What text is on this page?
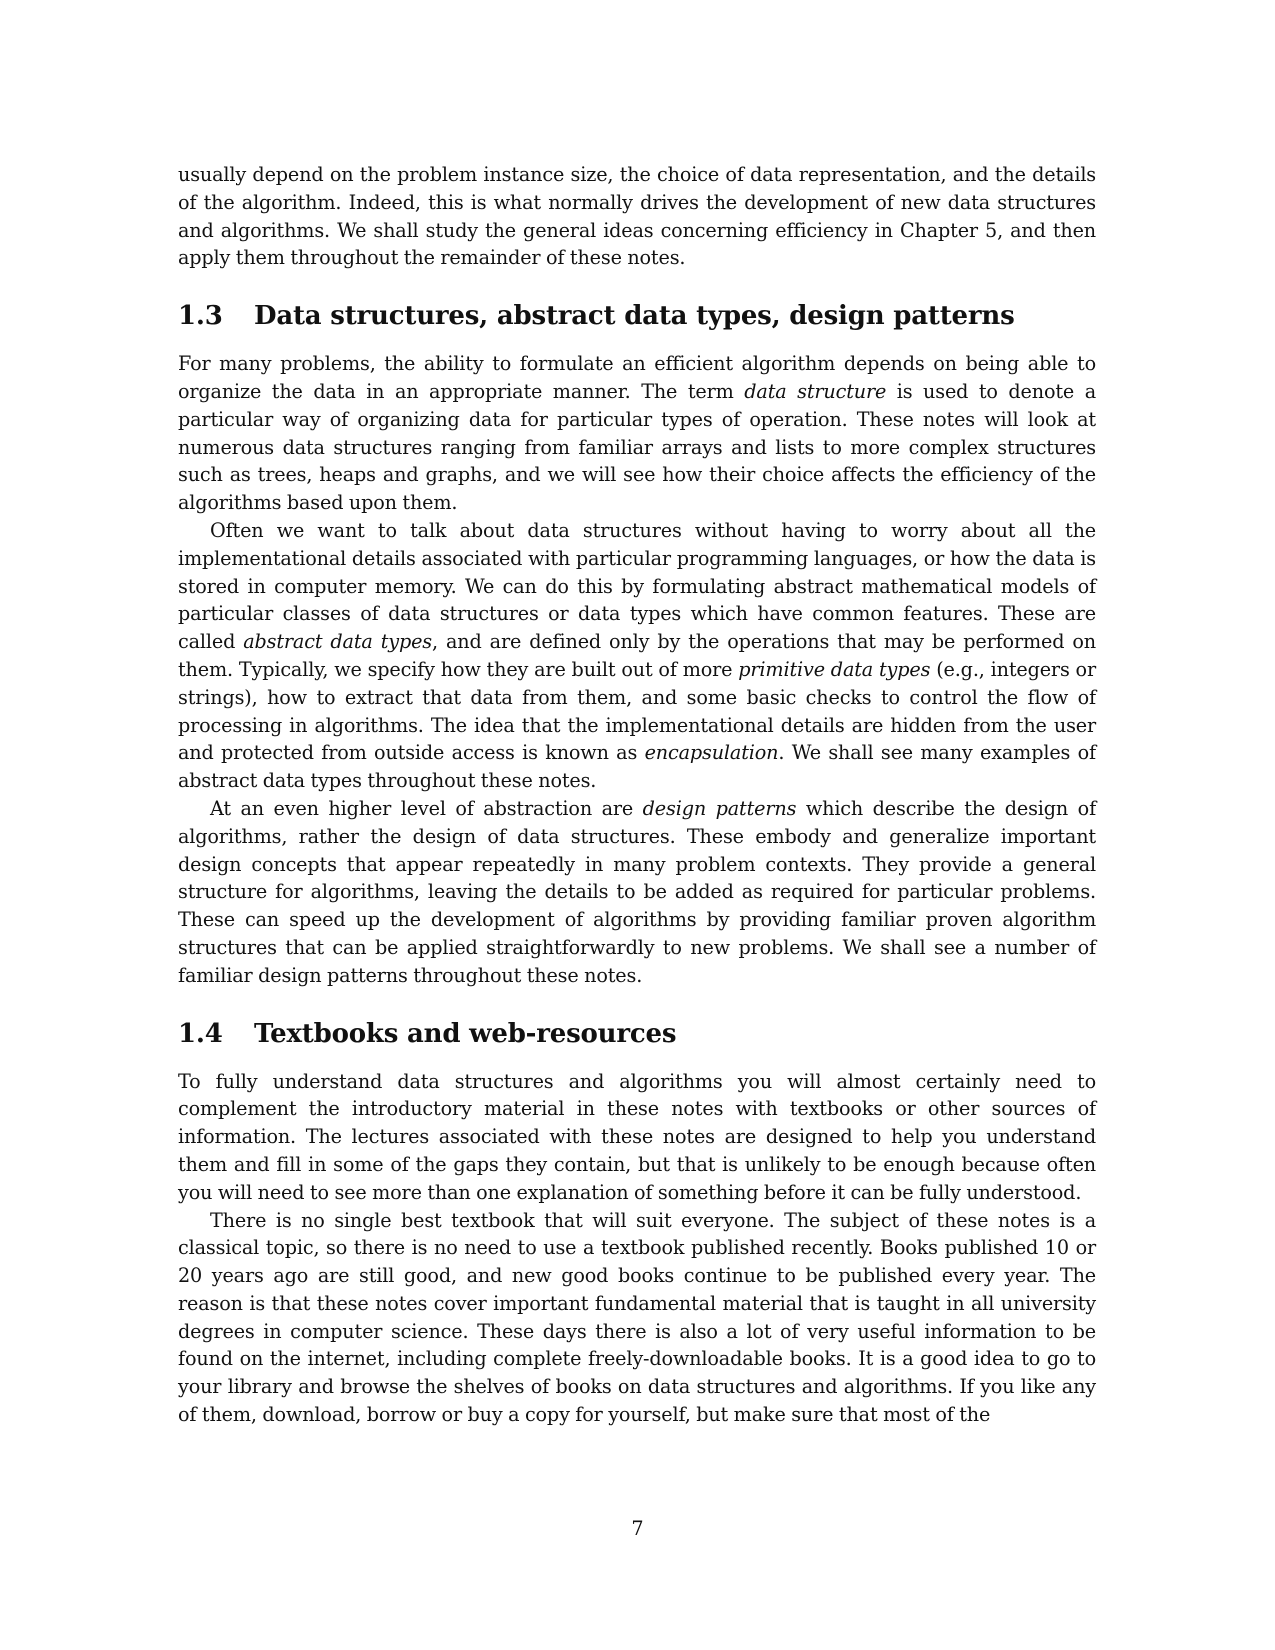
usually depend on the problem instance size, the choice of data representation, and the details of the algorithm. Indeed, this is what normally drives the development of new data structures and algorithms. We shall study the general ideas concerning efficiency in Chapter 5, and then apply them throughout the remainder of these notes.

1.3 Data structures, abstract data types, design patterns

For many problems, the ability to formulate an efficient algorithm depends on being able to organize the data in an appropriate manner. The term data structure is used to denote a particular way of organizing data for particular types of operation. These notes will look at numerous data structures ranging from familiar arrays and lists to more complex structures such as trees, heaps and graphs, and we will see how their choice affects the efficiency of the algorithms based upon them.

Often we want to talk about data structures without having to worry about all the implementational details associated with particular programming languages, or how the data is stored in computer memory. We can do this by formulating abstract mathematical models of particular classes of data structures or data types which have common features. These are called abstract data types, and are defined only by the operations that may be performed on them. Typically, we specify how they are built out of more primitive data types (e.g., integers or strings), how to extract that data from them, and some basic checks to control the flow of processing in algorithms. The idea that the implementational details are hidden from the user and protected from outside access is known as encapsulation. We shall see many examples of abstract data types throughout these notes.

At an even higher level of abstraction are design patterns which describe the design of algorithms, rather the design of data structures. These embody and generalize important design concepts that appear repeatedly in many problem contexts. They provide a general structure for algorithms, leaving the details to be added as required for particular problems. These can speed up the development of algorithms by providing familiar proven algorithm structures that can be applied straightforwardly to new problems. We shall see a number of familiar design patterns throughout these notes.

1.4 Textbooks and web-resources

To fully understand data structures and algorithms you will almost certainly need to complement the introductory material in these notes with textbooks or other sources of information. The lectures associated with these notes are designed to help you understand them and fill in some of the gaps they contain, but that is unlikely to be enough because often you will need to see more than one explanation of something before it can be fully understood.

There is no single best textbook that will suit everyone. The subject of these notes is a classical topic, so there is no need to use a textbook published recently. Books published 10 or 20 years ago are still good, and new good books continue to be published every year. The reason is that these notes cover important fundamental material that is taught in all university degrees in computer science. These days there is also a lot of very useful information to be found on the internet, including complete freely-downloadable books. It is a good idea to go to your library and browse the shelves of books on data structures and algorithms. If you like any of them, download, borrow or buy a copy for yourself, but make sure that most of the

7
